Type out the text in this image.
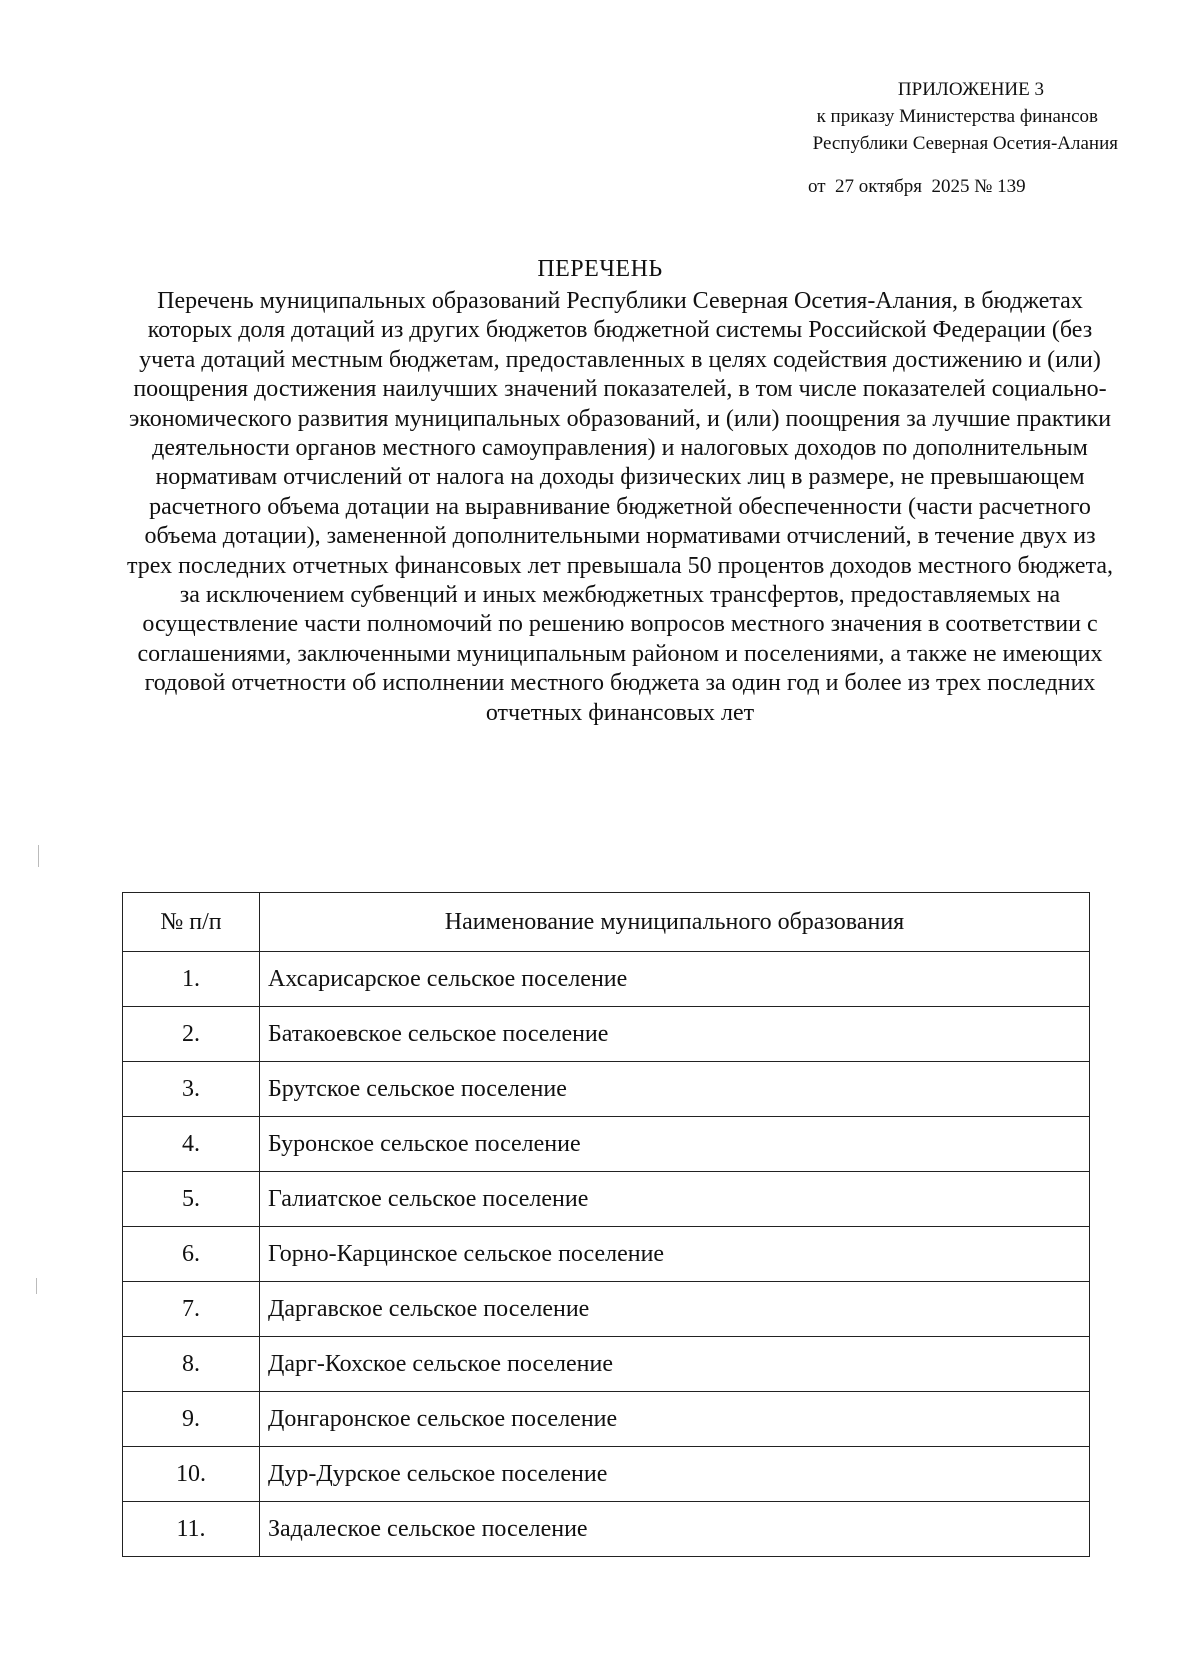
ПРИЛОЖЕНИЕ 3
к приказу Министерства финансов
Республики Северная Осетия-Алания
от  27 октября  2025 № 139
ПЕРЕЧЕНЬ
Перечень муниципальных образований Республики Северная Осетия-Алания, в бюджетах которых доля дотаций из других бюджетов бюджетной системы Российской Федерации (без учета дотаций местным бюджетам, предоставленных в целях содействия достижению и (или) поощрения достижения наилучших значений показателей, в том числе показателей социально-экономического развития муниципальных образований, и (или) поощрения за лучшие практики деятельности органов местного самоуправления) и налоговых доходов по дополнительным нормативам отчислений от налога на доходы физических лиц в размере, не превышающем расчетного объема дотации на выравнивание бюджетной обеспеченности (части расчетного объема дотации), замененной дополнительными нормативами отчислений, в течение двух из трех последних отчетных финансовых лет превышала 50 процентов доходов местного бюджета, за исключением субвенций и иных межбюджетных трансфертов, предоставляемых на осуществление части полномочий по решению вопросов местного значения в соответствии с соглашениями, заключенными муниципальным районом и поселениями, а также не имеющих годовой отчетности об исполнении местного бюджета за один год и более из трех последних отчетных финансовых лет
№ п/п	Наименование муниципального образования
1.	Ахсарисарское сельское поселение
2.	Батакоевское сельское поселение
3.	Брутское сельское поселение
4.	Буронское сельское поселение
5.	Галиатское сельское поселение
6.	Горно-Карцинское сельское поселение
7.	Даргавское сельское поселение
8.	Дарг-Кохское сельское поселение
9.	Донгаронское сельское поселение
10.	Дур-Дурское сельское поселение
11.	Задалеское сельское поселение
